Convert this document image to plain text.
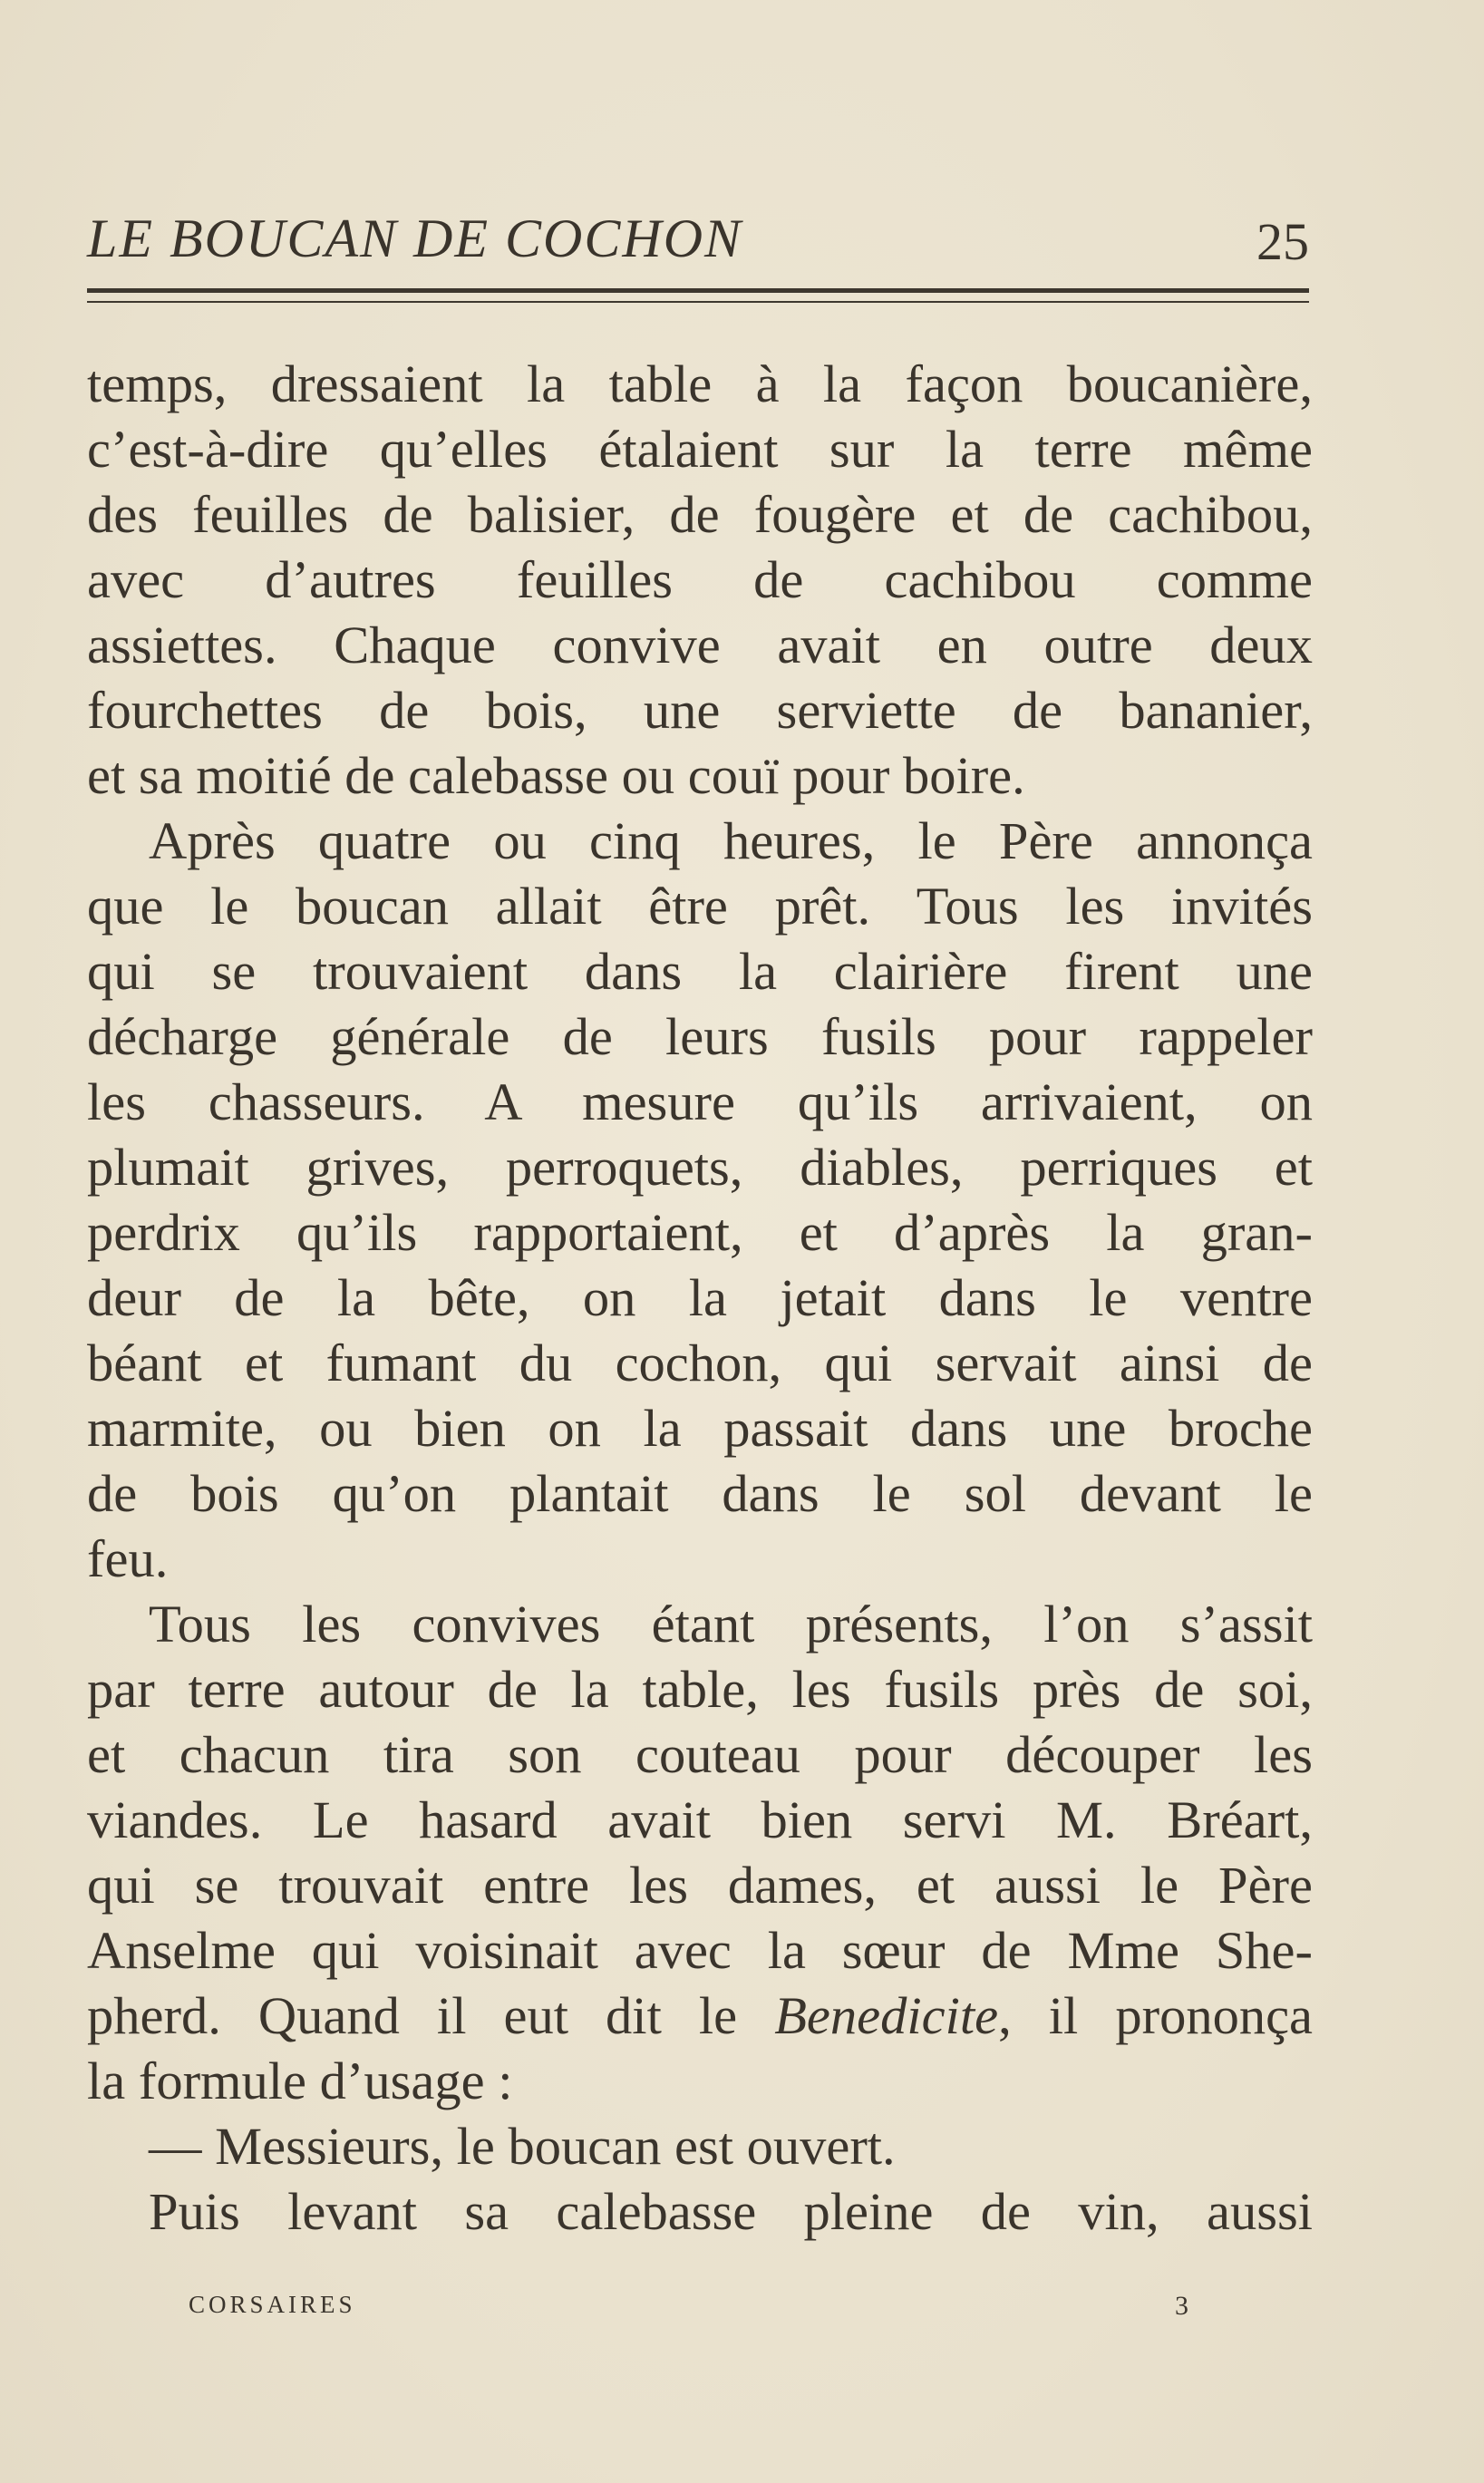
LE BOUCAN DE COCHON	25
temps, dressaient la table à la façon boucanière,
c’est-à-dire qu’elles étalaient sur la terre même
des feuilles de balisier, de fougère et de cachibou,
avec d’autres feuilles de cachibou comme
assiettes. Chaque convive avait en outre deux
fourchettes de bois, une serviette de bananier,
et sa moitié de calebasse ou couï pour boire.
Après quatre ou cinq heures, le Père annonça
que le boucan allait être prêt. Tous les invités
qui se trouvaient dans la clairière firent une
décharge générale de leurs fusils pour rappeler
les chasseurs. A mesure qu’ils arrivaient, on
plumait grives, perroquets, diables, perriques et
perdrix qu’ils rapportaient, et d’après la gran-
deur de la bête, on la jetait dans le ventre
béant et fumant du cochon, qui servait ainsi de
marmite, ou bien on la passait dans une broche
de bois qu’on plantait dans le sol devant le
feu.
Tous les convives étant présents, l’on s’assit
par terre autour de la table, les fusils près de soi,
et chacun tira son couteau pour découper les
viandes. Le hasard avait bien servi M. Bréart,
qui se trouvait entre les dames, et aussi le Père
Anselme qui voisinait avec la sœur de Mme She-
pherd. Quand il eut dit le Benedicite, il prononça
la formule d’usage :
— Messieurs, le boucan est ouvert.
Puis levant sa calebasse pleine de vin, aussi
CORSAIRES	3
